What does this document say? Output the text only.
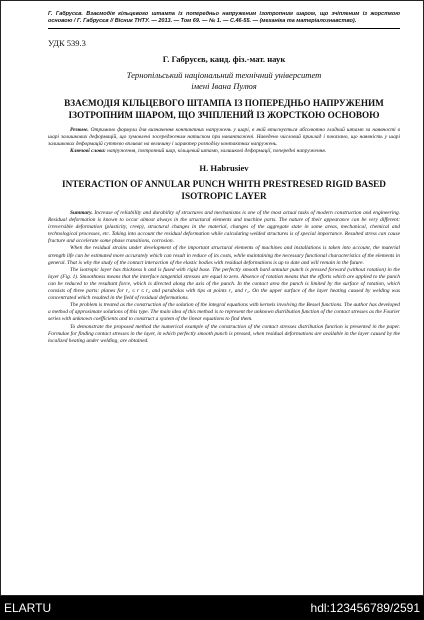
Г. Габрусєв. Взаємодія кільцевого штампа із попередньо напруженим ізотропним шаром, що зчіпленим із жорсткою основою / Г. Габрусєв // Вісник ТНТУ. — 2013. — Том 69. — № 1. — С.46-55. — (механіка та матеріалознавство).
УДК 539.3
Г. Габрусєв, канд. фіз.-мат. наук
Тернопільський національний технічний університет
імені Івана Пулюя
ВЗАЄМОДІЯ КІЛЬЦЕВОГО ШТАМПА ІЗ ПОПЕРЕДНЬО НАПРУЖЕНИМ ІЗОТРОПНИМ ШАРОМ, ЩО ЗЧІПЛЕНИЙ ІЗ ЖОРСТКОЮ ОСНОВОЮ

Резюме. Отримано формули для визначення контактних напружень у шарі, в якій втиснується абсолютно гладкий штамп за наявності в шарі залишкових деформацій, що зумовлені зосередженим натиском при навантажені. Наведено числовий приклад і показано, що наявність у шарі залишкових деформацій суттєво впливає на величину і характер розподілу контактних напружень.

Ключові слова: напруження, ізотропний шар, кільцевий штамп, залишкові деформації, попередні напруження.

H. Habrusiev
INTERACTION OF ANNULAR PUNCH WHITH PRESTRESED RIGID BASED ISOTROPIC LAYER

Summary. Increase of reliability and durability of structures and mechanisms is one of the most actual tasks of modern construction and engineering. Residual deformation is known to occur almost always in the structural elements and machine parts. The nature of their appearance can be very different: irreversible deformation (plasticity, creep), structural changes in the material, changes of the aggregate state in some areas, mechanical, chemical and technological processes, etc. Taking into account the residual deformation while calculating welded structures is of special importance. Resulted stress can cause fracture and accelerate some phase transitions, corrosion.

When the residual strains under development of the important structural elements of machines and installations is taken into account, the material strength life can be estimated more accurately which can result in reduce of its costs, while maintaining the necessary functional characteristics of the elements in general. That is why the study of the contact interaction of the elastic bodies with residual deformations is up to date and will remain in the future.

The isotropic layer has thickness h and is fused with rigid base. The perfectly smooth hard annular punch is pressed forward (without rotation) in the layer (Fig. 1). Smoothness means that the interface tangential stresses are equal to zero. Absence of rotation means that the efforts which are applied to the punch can be reduced to the resultant force, which is directed along the axis of the punch. In the contact area the punch is limited by the surface of rotation, which consists of three parts: planes for r₁ ≤ r ≤ r₂ and parabolas with tips at points r₁ and r₂. On the upper surface of the layer heating caused by welding was concentrated which resulted in the field of residual deformations.

The problem is treated as the construction of the solution of the integral equations with kernels involving the Bessel functions. The author has developed a method of approximate solutions of this type. The main idea of this method is to represent the unknown distribution function of the contact stresses as the Fourier series with unknown coefficients and to construct a system of the linear equations to find them.

To demonstrate the proposed method the numerical example of the construction of the contact stresses distribution function is presented in the paper. Formulae for finding contact stresses in the layer, in which perfectly smooth punch is pressed, when residual deformations are available in the layer caused by the localized heating under welding, are obtained.

ELARTU	hdl:123456789/2591
